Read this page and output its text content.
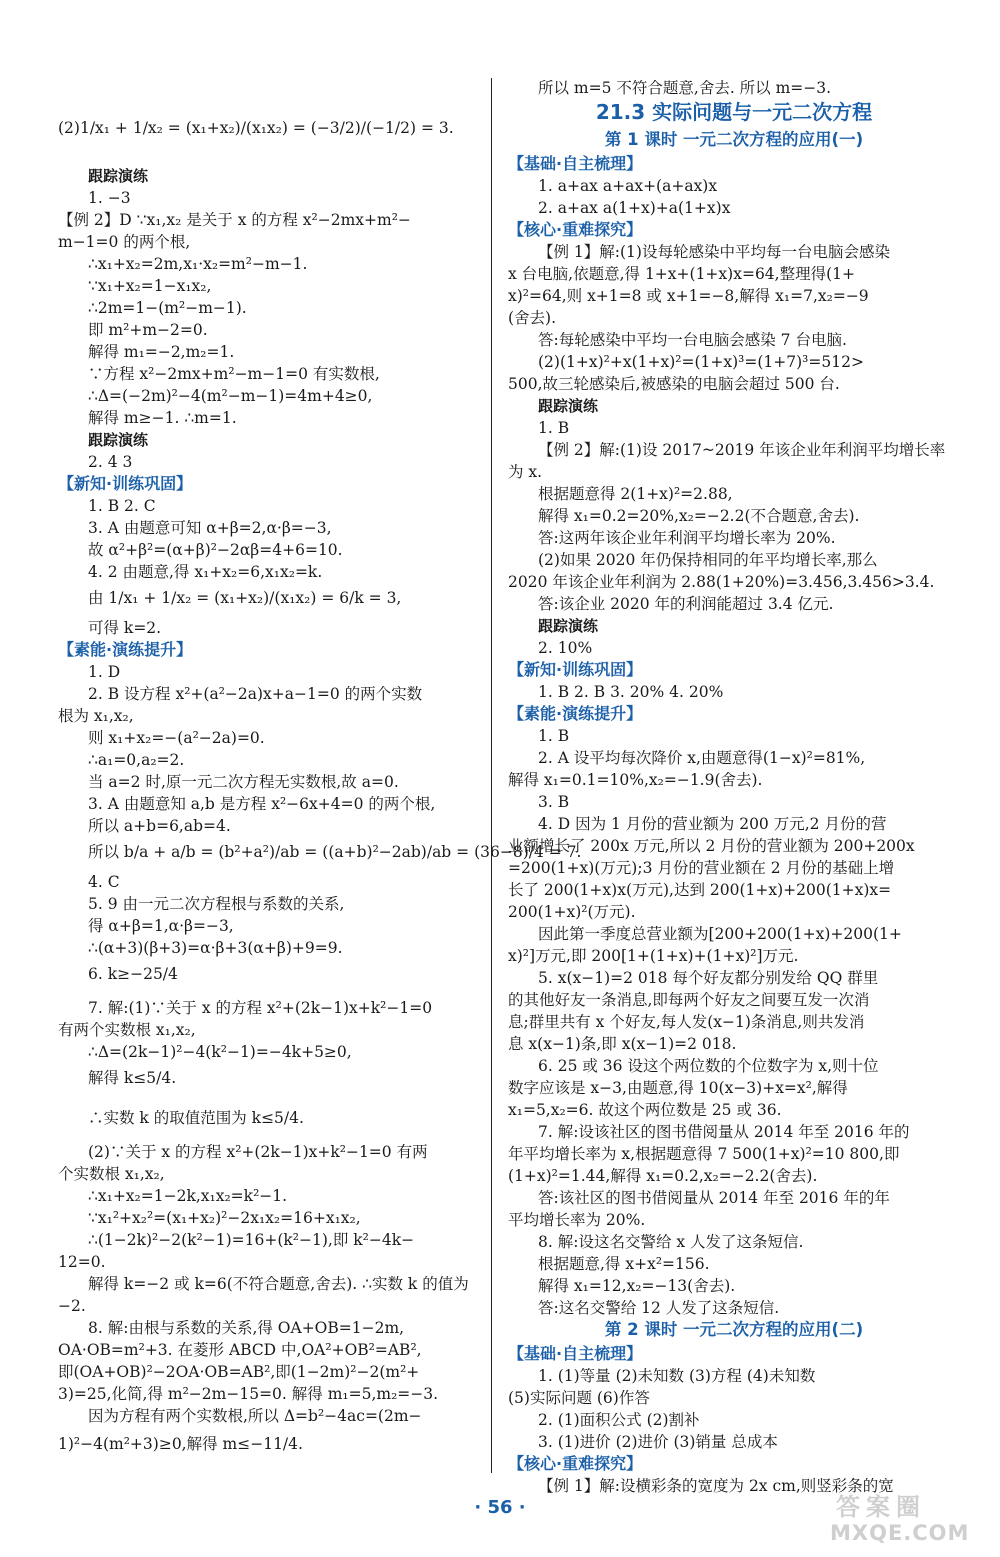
(2)1/x₁ + 1/x₂ = (x₁+x₂)/(x₁x₂) = (−3/2)/(−1/2) = 3.
跟踪演练
1. −3
【例 2】D ∵x₁,x₂ 是关于 x 的方程 x²−2mx+m²−
m−1=0 的两个根,
∴x₁+x₂=2m,x₁·x₂=m²−m−1.
∵x₁+x₂=1−x₁x₂,
∴2m=1−(m²−m−1).
即 m²+m−2=0.
解得 m₁=−2,m₂=1.
∵方程 x²−2mx+m²−m−1=0 有实数根,
∴Δ=(−2m)²−4(m²−m−1)=4m+4≥0,
解得 m≥−1. ∴m=1.
跟踪演练
2. 4 3
【新知·训练巩固】
1. B 2. C
3. A 由题意可知 α+β=2,α·β=−3,
故 α²+β²=(α+β)²−2αβ=4+6=10.
4. 2 由题意,得 x₁+x₂=6,x₁x₂=k.
由 1/x₁ + 1/x₂ = (x₁+x₂)/(x₁x₂) = 6/k = 3,
可得 k=2.
【素能·演练提升】
1. D
2. B 设方程 x²+(a²−2a)x+a−1=0 的两个实数
根为 x₁,x₂,
则 x₁+x₂=−(a²−2a)=0.
∴a₁=0,a₂=2.
当 a=2 时,原一元二次方程无实数根,故 a=0.
3. A 由题意知 a,b 是方程 x²−6x+4=0 的两个根,
所以 a+b=6,ab=4.
所以 b/a + a/b = (b²+a²)/ab = ((a+b)²−2ab)/ab = (36−8)/4 = 7.
4. C
5. 9 由一元二次方程根与系数的关系,
得 α+β=1,α·β=−3,
∴(α+3)(β+3)=α·β+3(α+β)+9=9.
6. k≥−25/4
7. 解:(1)∵关于 x 的方程 x²+(2k−1)x+k²−1=0
有两个实数根 x₁,x₂,
∴Δ=(2k−1)²−4(k²−1)=−4k+5≥0,
解得 k≤5/4.
∴实数 k 的取值范围为 k≤5/4.
(2)∵关于 x 的方程 x²+(2k−1)x+k²−1=0 有两
个实数根 x₁,x₂,
∴x₁+x₂=1−2k,x₁x₂=k²−1.
∵x₁²+x₂²=(x₁+x₂)²−2x₁x₂=16+x₁x₂,
∴(1−2k)²−2(k²−1)=16+(k²−1),即 k²−4k−
12=0.
解得 k=−2 或 k=6(不符合题意,舍去). ∴实数 k 的值为
−2.
8. 解:由根与系数的关系,得 OA+OB=1−2m,
OA·OB=m²+3. 在菱形 ABCD 中,OA²+OB²=AB²,
即(OA+OB)²−2OA·OB=AB²,即(1−2m)²−2(m²+
3)=25,化简,得 m²−2m−15=0. 解得 m₁=5,m₂=−3.
因为方程有两个实数根,所以 Δ=b²−4ac=(2m−
1)²−4(m²+3)≥0,解得 m≤−11/4.
所以 m=5 不符合题意,舍去. 所以 m=−3.
21.3 实际问题与一元二次方程
第 1 课时 一元二次方程的应用(一)
【基础·自主梳理】
1. a+ax a+ax+(a+ax)x
2. a+ax a(1+x)+a(1+x)x
【核心·重难探究】
【例 1】解:(1)设每轮感染中平均每一台电脑会感染
x 台电脑,依题意,得 1+x+(1+x)x=64,整理得(1+
x)²=64,则 x+1=8 或 x+1=−8,解得 x₁=7,x₂=−9
(舍去).
答:每轮感染中平均一台电脑会感染 7 台电脑.
(2)(1+x)²+x(1+x)²=(1+x)³=(1+7)³=512>
500,故三轮感染后,被感染的电脑会超过 500 台.
跟踪演练
1. B
【例 2】解:(1)设 2017~2019 年该企业年利润平均增长率
为 x.
根据题意得 2(1+x)²=2.88,
解得 x₁=0.2=20%,x₂=−2.2(不合题意,舍去).
答:这两年该企业年利润平均增长率为 20%.
(2)如果 2020 年仍保持相同的年平均增长率,那么
2020 年该企业年利润为 2.88(1+20%)=3.456,3.456>3.4.
答:该企业 2020 年的利润能超过 3.4 亿元.
跟踪演练
2. 10%
【新知·训练巩固】
1. B 2. B 3. 20% 4. 20%
【素能·演练提升】
1. B
2. A 设平均每次降价 x,由题意得(1−x)²=81%,
解得 x₁=0.1=10%,x₂=−1.9(舍去).
3. B
4. D 因为 1 月份的营业额为 200 万元,2 月份的营
业额增长了 200x 万元,所以 2 月份的营业额为 200+200x
=200(1+x)(万元);3 月份的营业额在 2 月份的基础上增
长了 200(1+x)x(万元),达到 200(1+x)+200(1+x)x=
200(1+x)²(万元).
因此第一季度总营业额为[200+200(1+x)+200(1+
x)²]万元,即 200[1+(1+x)+(1+x)²]万元.
5. x(x−1)=2 018 每个好友都分别发给 QQ 群里
的其他好友一条消息,即每两个好友之间要互发一次消
息;群里共有 x 个好友,每人发(x−1)条消息,则共发消
息 x(x−1)条,即 x(x−1)=2 018.
6. 25 或 36 设这个两位数的个位数字为 x,则十位
数字应该是 x−3,由题意,得 10(x−3)+x=x²,解得
x₁=5,x₂=6. 故这个两位数是 25 或 36.
7. 解:设该社区的图书借阅量从 2014 年至 2016 年的
年平均增长率为 x,根据题意得 7 500(1+x)²=10 800,即
(1+x)²=1.44,解得 x₁=0.2,x₂=−2.2(舍去).
答:该社区的图书借阅量从 2014 年至 2016 年的年
平均增长率为 20%.
8. 解:设这名交警给 x 人发了这条短信.
根据题意,得 x+x²=156.
解得 x₁=12,x₂=−13(舍去).
答:这名交警给 12 人发了这条短信.
第 2 课时 一元二次方程的应用(二)
【基础·自主梳理】
1. (1)等量 (2)未知数 (3)方程 (4)未知数
(5)实际问题 (6)作答
2. (1)面积公式 (2)割补
3. (1)进价 (2)进价 (3)销量 总成本
【核心·重难探究】
【例 1】解:设横彩条的宽度为 2x cm,则竖彩条的宽
· 56 ·	答案圈
MXQE.COM
